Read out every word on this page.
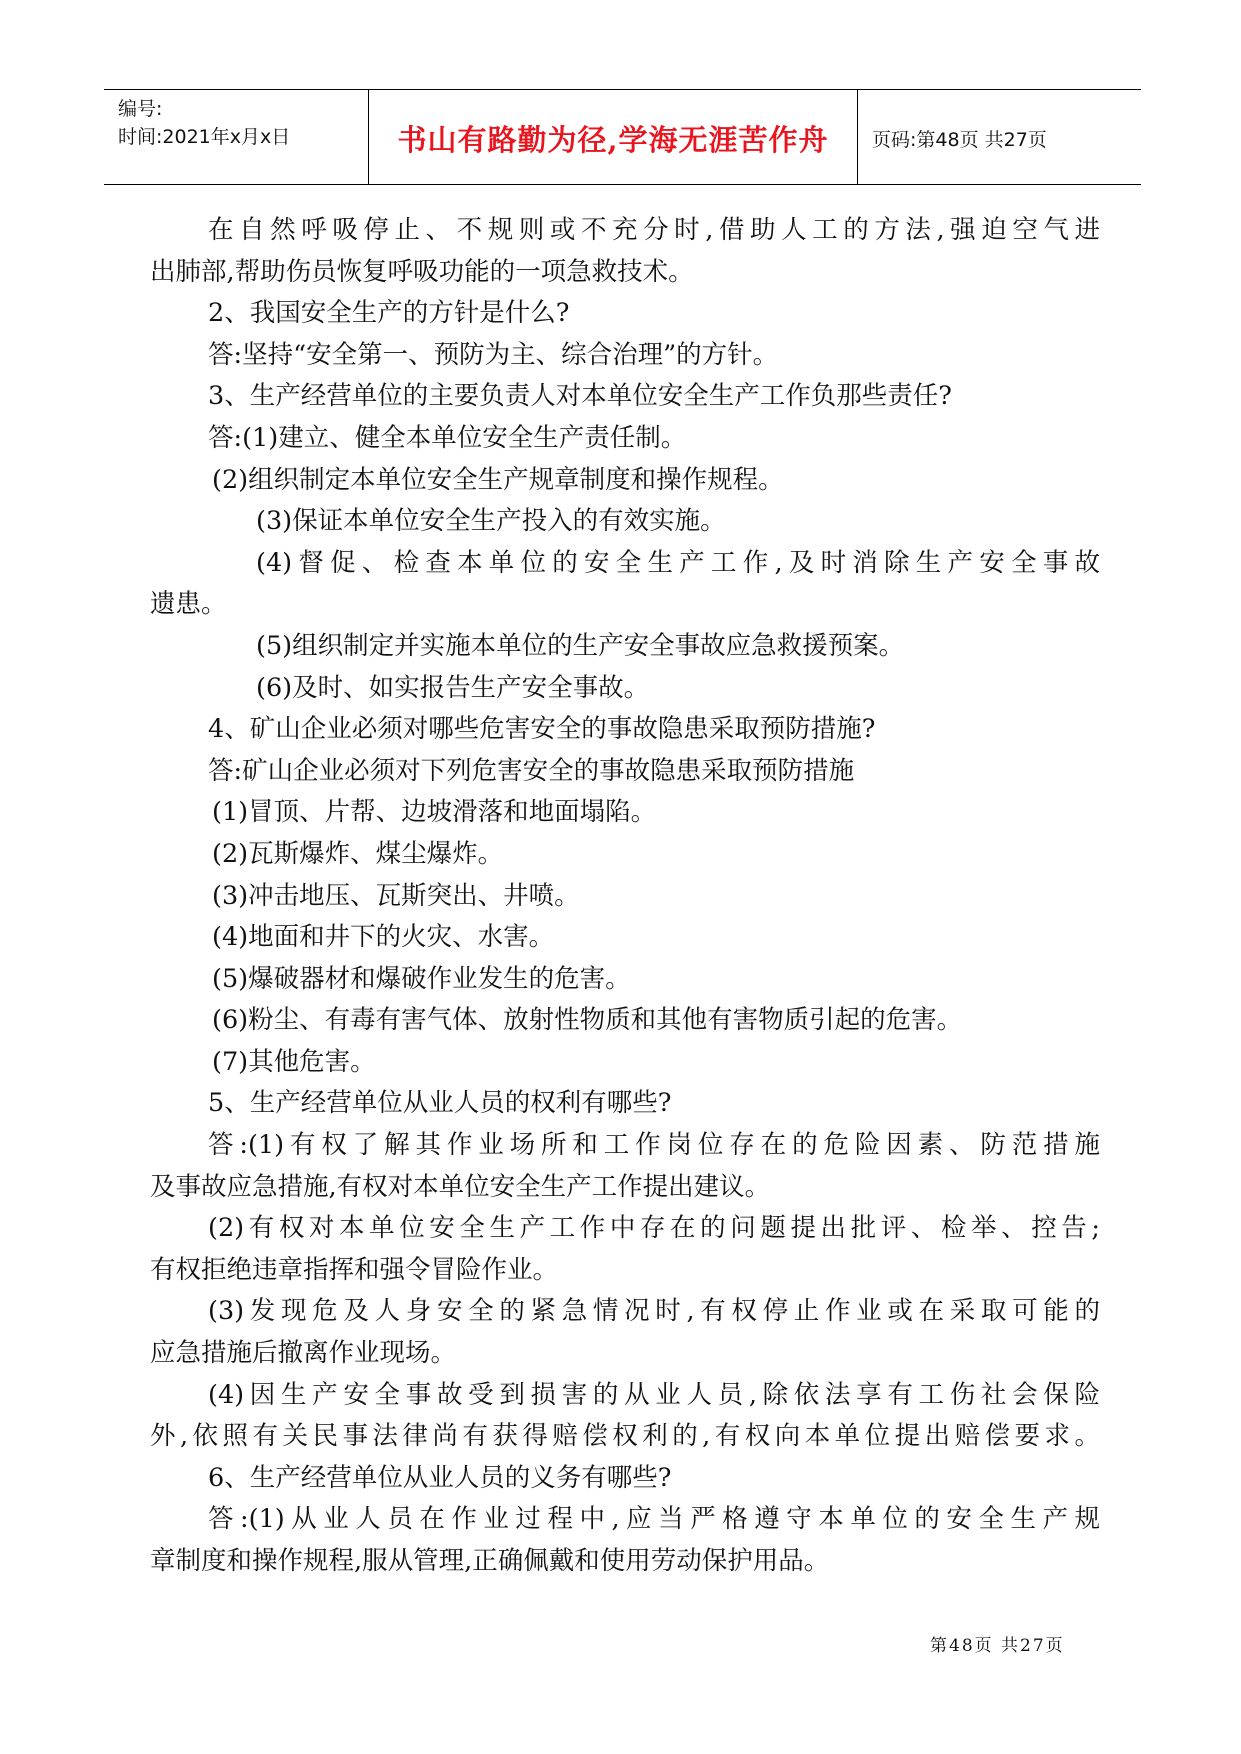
编号:
时间:2021年x月x日	书山有路勤为径,学海无涯苦作舟	页码:第48页 共27页
在自然呼吸停止、不规则或不充分时,借助人工的方法,强迫空气进
出肺部,帮助伤员恢复呼吸功能的一项急救技术。
2、我国安全生产的方针是什么?
答:坚持“安全第一、预防为主、综合治理”的方针。
3、生产经营单位的主要负责人对本单位安全生产工作负那些责任?
答:(1)建立、健全本单位安全生产责任制。
(2)组织制定本单位安全生产规章制度和操作规程。
(3)保证本单位安全生产投入的有效实施。
(4)督促、检查本单位的安全生产工作,及时消除生产安全事故
遗患。
(5)组织制定并实施本单位的生产安全事故应急救援预案。
(6)及时、如实报告生产安全事故。
4、矿山企业必须对哪些危害安全的事故隐患采取预防措施?
答:矿山企业必须对下列危害安全的事故隐患采取预防措施
(1)冒顶、片帮、边坡滑落和地面塌陷。
(2)瓦斯爆炸、煤尘爆炸。
(3)冲击地压、瓦斯突出、井喷。
(4)地面和井下的火灾、水害。
(5)爆破器材和爆破作业发生的危害。
(6)粉尘、有毒有害气体、放射性物质和其他有害物质引起的危害。
(7)其他危害。
5、生产经营单位从业人员的权利有哪些?
答:(1)有权了解其作业场所和工作岗位存在的危险因素、防范措施
及事故应急措施,有权对本单位安全生产工作提出建议。
(2)有权对本单位安全生产工作中存在的问题提出批评、检举、控告;
有权拒绝违章指挥和强令冒险作业。
(3)发现危及人身安全的紧急情况时,有权停止作业或在采取可能的
应急措施后撤离作业现场。
(4)因生产安全事故受到损害的从业人员,除依法享有工伤社会保险
外,依照有关民事法律尚有获得赔偿权利的,有权向本单位提出赔偿要求。
6、生产经营单位从业人员的义务有哪些?
答:(1)从业人员在作业过程中,应当严格遵守本单位的安全生产规
章制度和操作规程,服从管理,正确佩戴和使用劳动保护用品。
第48页 共27页
